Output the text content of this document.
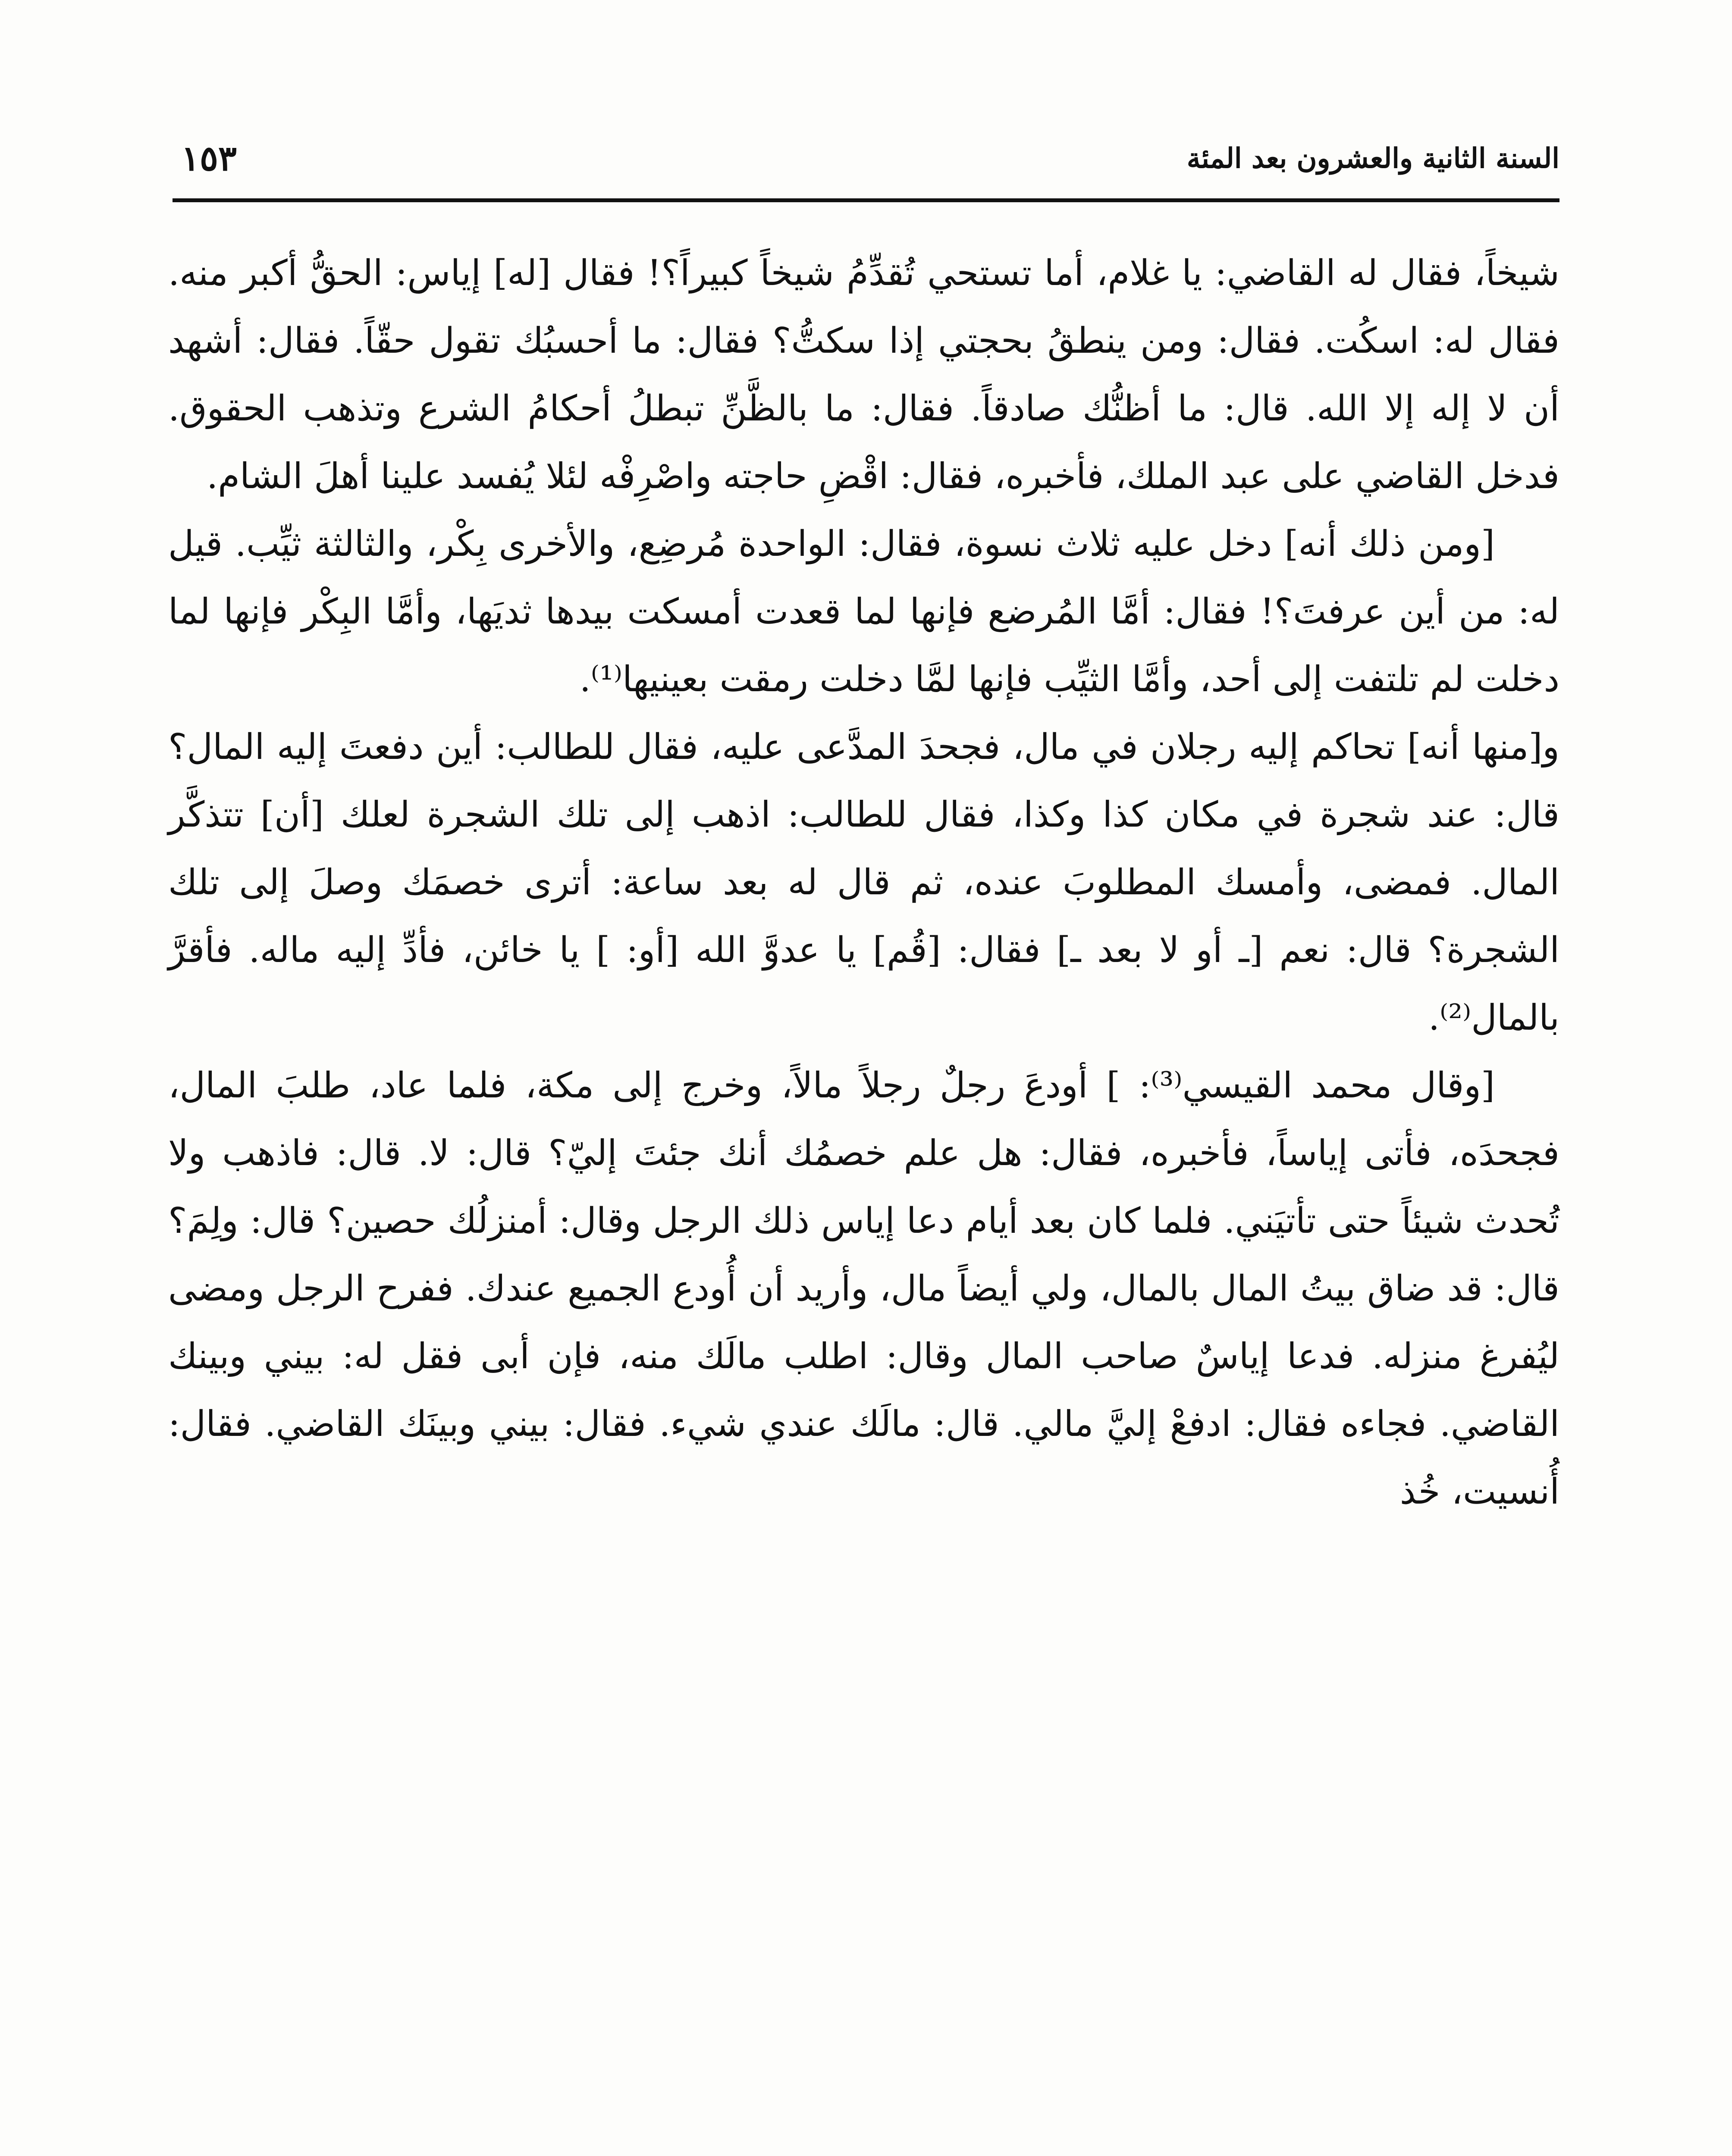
السنة الثانية والعشرون بعد المئة
١٥٣

شيخاً، فقال له القاضي: يا غلام، أما تستحي تُقدِّمُ شيخاً كبيراً؟! فقال [له] إياس: الحقُّ أكبر منه. فقال له: اسكُت. فقال: ومن ينطقُ بحجتي إذا سكتُّ؟ فقال: ما أحسبُك تقول حقّاً. فقال: أشهد أن لا إله إلا الله. قال: ما أظنُّك صادقاً. فقال: ما بالظَّنِّ تبطلُ أحكامُ الشرع وتذهب الحقوق. فدخل القاضي على عبد الملك، فأخبره، فقال: اقْضِ حاجته واصْرِفْه لئلا يُفسد علينا أهلَ الشام.

[ومن ذلك أنه] دخل عليه ثلاث نسوة، فقال: الواحدة مُرضِع، والأخرى بِكْر، والثالثة ثيِّب. قيل له: من أين عرفتَ؟! فقال: أمَّا المُرضع فإنها لما قعدت أمسكت بيدها ثديَها، وأمَّا البِكْر فإنها لما دخلت لم تلتفت إلى أحد، وأمَّا الثيِّب فإنها لمَّا دخلت رمقت بعينيها⁽¹⁾.

و[منها أنه] تحاكم إليه رجلان في مال، فجحدَ المدَّعى عليه، فقال للطالب: أين دفعتَ إليه المال؟ قال: عند شجرة في مكان كذا وكذا، فقال للطالب: اذهب إلى تلك الشجرة لعلك [أن] تتذكَّر المال. فمضى، وأمسك المطلوبَ عنده، ثم قال له بعد ساعة: أترى خصمَك وصلَ إلى تلك الشجرة؟ قال: نعم [ـ أو لا بعد ـ] فقال: [قُم] يا عدوَّ الله [أو: ] يا خائن، فأدِّ إليه ماله. فأقرَّ بالمال⁽²⁾.

[وقال محمد القيسي⁽³⁾: ] أودعَ رجلٌ رجلاً مالاً، وخرج إلى مكة، فلما عاد، طلبَ المال، فجحدَه، فأتى إياساً، فأخبره، فقال: هل علم خصمُك أنك جئتَ إليّ؟ قال: لا. قال: فاذهب ولا تُحدث شيئاً حتى تأتيَني. فلما كان بعد أيام دعا إياس ذلك الرجل وقال: أمنزلُك حصين؟ قال: ولِمَ؟ قال: قد ضاق بيتُ المال بالمال، ولي أيضاً مال، وأريد أن أُودع الجميع عندك. ففرح الرجل ومضى ليُفرغ منزله. فدعا إياسٌ صاحب المال وقال: اطلب مالَك منه، فإن أبى فقل له: بيني وبينك القاضي. فجاءه فقال: ادفعْ إليَّ مالي. قال: مالَك عندي شيء. فقال: بيني وبينَك القاضي. فقال: أُنسيت، خُذ
